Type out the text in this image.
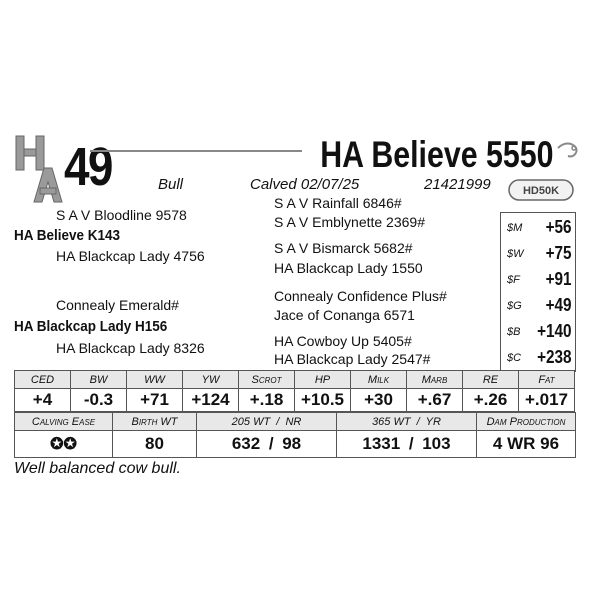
49	HA Believe 5550
Bull	Calved 02/07/25	21421999	HD50K
S A V Bloodline 9578
HA Believe K143
HA Blackcap Lady 4756
Connealy Emerald#
HA Blackcap Lady H156
HA Blackcap Lady 8326
S A V Rainfall 6846#
S A V Emblynette 2369#
S A V Bismarck 5682#
HA Blackcap Lady 1550
Connealy Confidence Plus#
Jace of Conanga 6571
HA Cowboy Up 5405#
HA Blackcap Lady 2547#
$M +56
$W +75
$F +91
$G +49
$B +140
$C +238
CED	BW	WW	YW	Scrot	HP	Milk	Marb	RE	Fat
+4	-0.3	+71	+124	+.18	+10.5	+30	+.67	+.26	+.017
Calving Ease	Birth WT	205 WT  /  NR	365 WT  /  YR	Dam Production
✪✪	80	632 / 98	1331 / 103	4 WR 96
Well balanced cow bull.
